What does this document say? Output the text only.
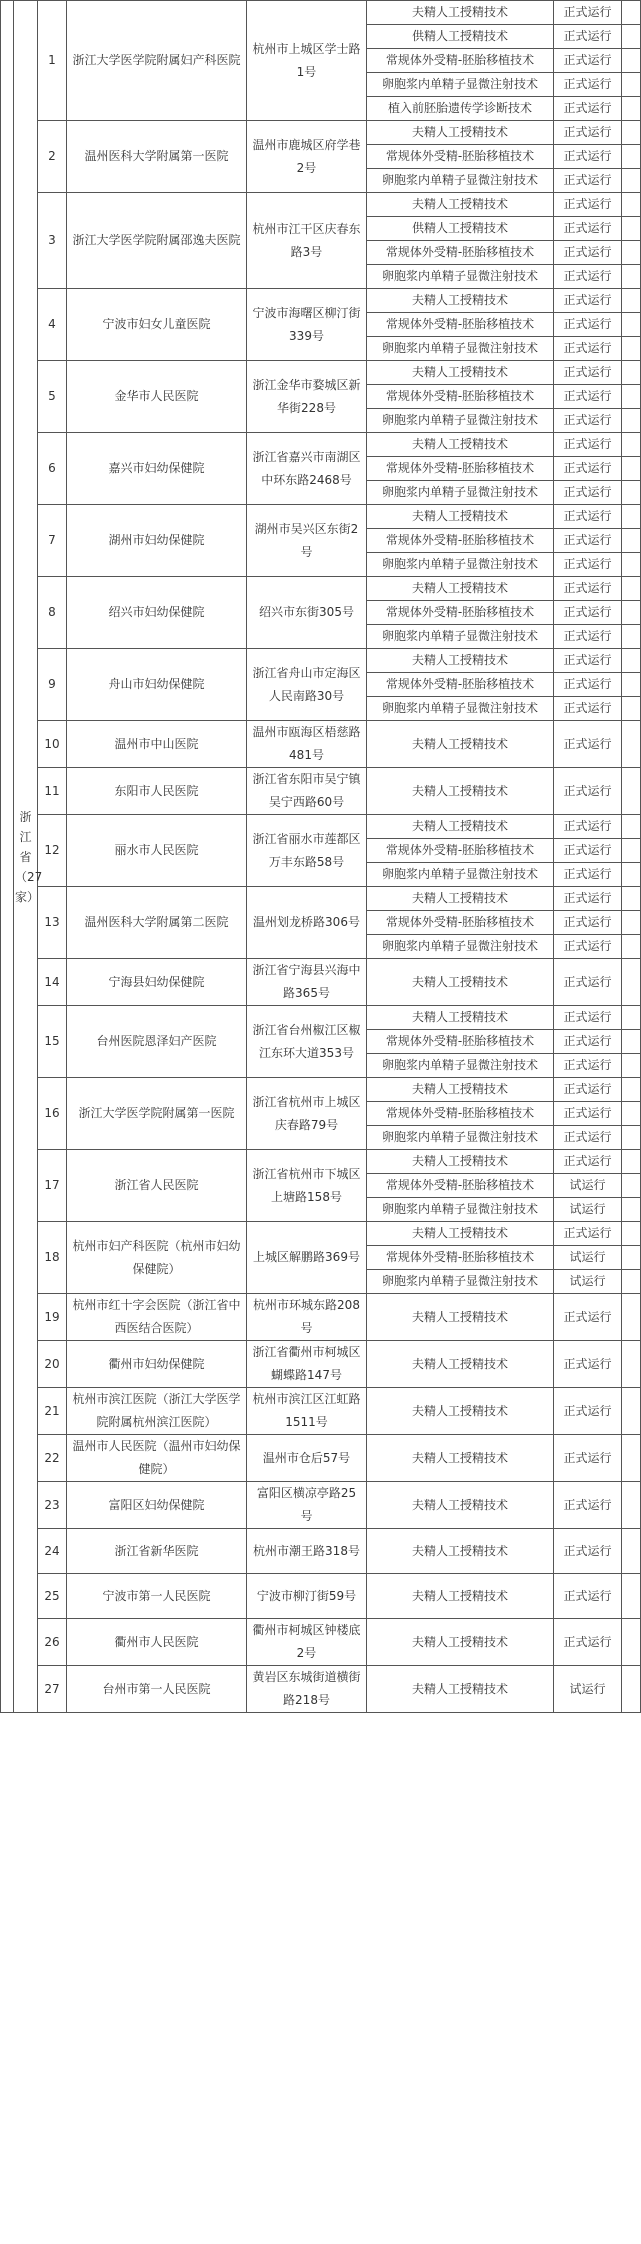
	浙江省（27家）	1	浙江大学医学院附属妇产科医院	杭州市上城区学士路1号	夫精人工授精技术	正式运行	
					供精人工授精技术	正式运行	
					常规体外受精-胚胎移植技术	正式运行	
					卵胞浆内单精子显微注射技术	正式运行	
					植入前胚胎遗传学诊断技术	正式运行	
		2	温州医科大学附属第一医院	温州市鹿城区府学巷2号	夫精人工授精技术	正式运行	
					常规体外受精-胚胎移植技术	正式运行	
					卵胞浆内单精子显微注射技术	正式运行	
		3	浙江大学医学院附属邵逸夫医院	杭州市江干区庆春东路3号	夫精人工授精技术	正式运行	
					供精人工授精技术	正式运行	
					常规体外受精-胚胎移植技术	正式运行	
					卵胞浆内单精子显微注射技术	正式运行	
		4	宁波市妇女儿童医院	宁波市海曙区柳汀街339号	夫精人工授精技术	正式运行	
					常规体外受精-胚胎移植技术	正式运行	
					卵胞浆内单精子显微注射技术	正式运行	
		5	金华市人民医院	浙江金华市婺城区新华街228号	夫精人工授精技术	正式运行	
					常规体外受精-胚胎移植技术	正式运行	
					卵胞浆内单精子显微注射技术	正式运行	
		6	嘉兴市妇幼保健院	浙江省嘉兴市南湖区中环东路2468号	夫精人工授精技术	正式运行	
					常规体外受精-胚胎移植技术	正式运行	
					卵胞浆内单精子显微注射技术	正式运行	
		7	湖州市妇幼保健院	湖州市吴兴区东街2号	夫精人工授精技术	正式运行	
					常规体外受精-胚胎移植技术	正式运行	
					卵胞浆内单精子显微注射技术	正式运行	
		8	绍兴市妇幼保健院	绍兴市东街305号	夫精人工授精技术	正式运行	
					常规体外受精-胚胎移植技术	正式运行	
					卵胞浆内单精子显微注射技术	正式运行	
		9	舟山市妇幼保健院	浙江省舟山市定海区人民南路30号	夫精人工授精技术	正式运行	
					常规体外受精-胚胎移植技术	正式运行	
					卵胞浆内单精子显微注射技术	正式运行	
		10	温州市中山医院	温州市瓯海区梧慈路481号	夫精人工授精技术	正式运行	
		11	东阳市人民医院	浙江省东阳市吴宁镇吴宁西路60号	夫精人工授精技术	正式运行	
		12	丽水市人民医院	浙江省丽水市莲都区万丰东路58号	夫精人工授精技术	正式运行	
					常规体外受精-胚胎移植技术	正式运行	
					卵胞浆内单精子显微注射技术	正式运行	
		13	温州医科大学附属第二医院	温州划龙桥路306号	夫精人工授精技术	正式运行	
					常规体外受精-胚胎移植技术	正式运行	
					卵胞浆内单精子显微注射技术	正式运行	
		14	宁海县妇幼保健院	浙江省宁海县兴海中路365号	夫精人工授精技术	正式运行	
		15	台州医院恩泽妇产医院	浙江省台州椒江区椒江东环大道353号	夫精人工授精技术	正式运行	
					常规体外受精-胚胎移植技术	正式运行	
					卵胞浆内单精子显微注射技术	正式运行	
		16	浙江大学医学院附属第一医院	浙江省杭州市上城区庆春路79号	夫精人工授精技术	正式运行	
					常规体外受精-胚胎移植技术	正式运行	
					卵胞浆内单精子显微注射技术	正式运行	
		17	浙江省人民医院	浙江省杭州市下城区上塘路158号	夫精人工授精技术	正式运行	
					常规体外受精-胚胎移植技术	试运行	
					卵胞浆内单精子显微注射技术	试运行	
		18	杭州市妇产科医院（杭州市妇幼保健院）	上城区解鹏路369号	夫精人工授精技术	正式运行	
					常规体外受精-胚胎移植技术	试运行	
					卵胞浆内单精子显微注射技术	试运行	
		19	杭州市红十字会医院（浙江省中西医结合医院）	杭州市环城东路208号	夫精人工授精技术	正式运行	
		20	衢州市妇幼保健院	浙江省衢州市柯城区蝴蝶路147号	夫精人工授精技术	正式运行	
		21	杭州市滨江医院（浙江大学医学院附属杭州滨江医院）	杭州市滨江区江虹路1511号	夫精人工授精技术	正式运行	
		22	温州市人民医院（温州市妇幼保健院）	温州市仓后57号	夫精人工授精技术	正式运行	
		23	富阳区妇幼保健院	富阳区横凉亭路25号	夫精人工授精技术	正式运行	
		24	浙江省新华医院	杭州市潮王路318号	夫精人工授精技术	正式运行	
		25	宁波市第一人民医院	宁波市柳汀街59号	夫精人工授精技术	正式运行	
		26	衢州市人民医院	衢州市柯城区钟楼底2号	夫精人工授精技术	正式运行	
		27	台州市第一人民医院	黄岩区东城街道横街路218号	夫精人工授精技术	试运行	
